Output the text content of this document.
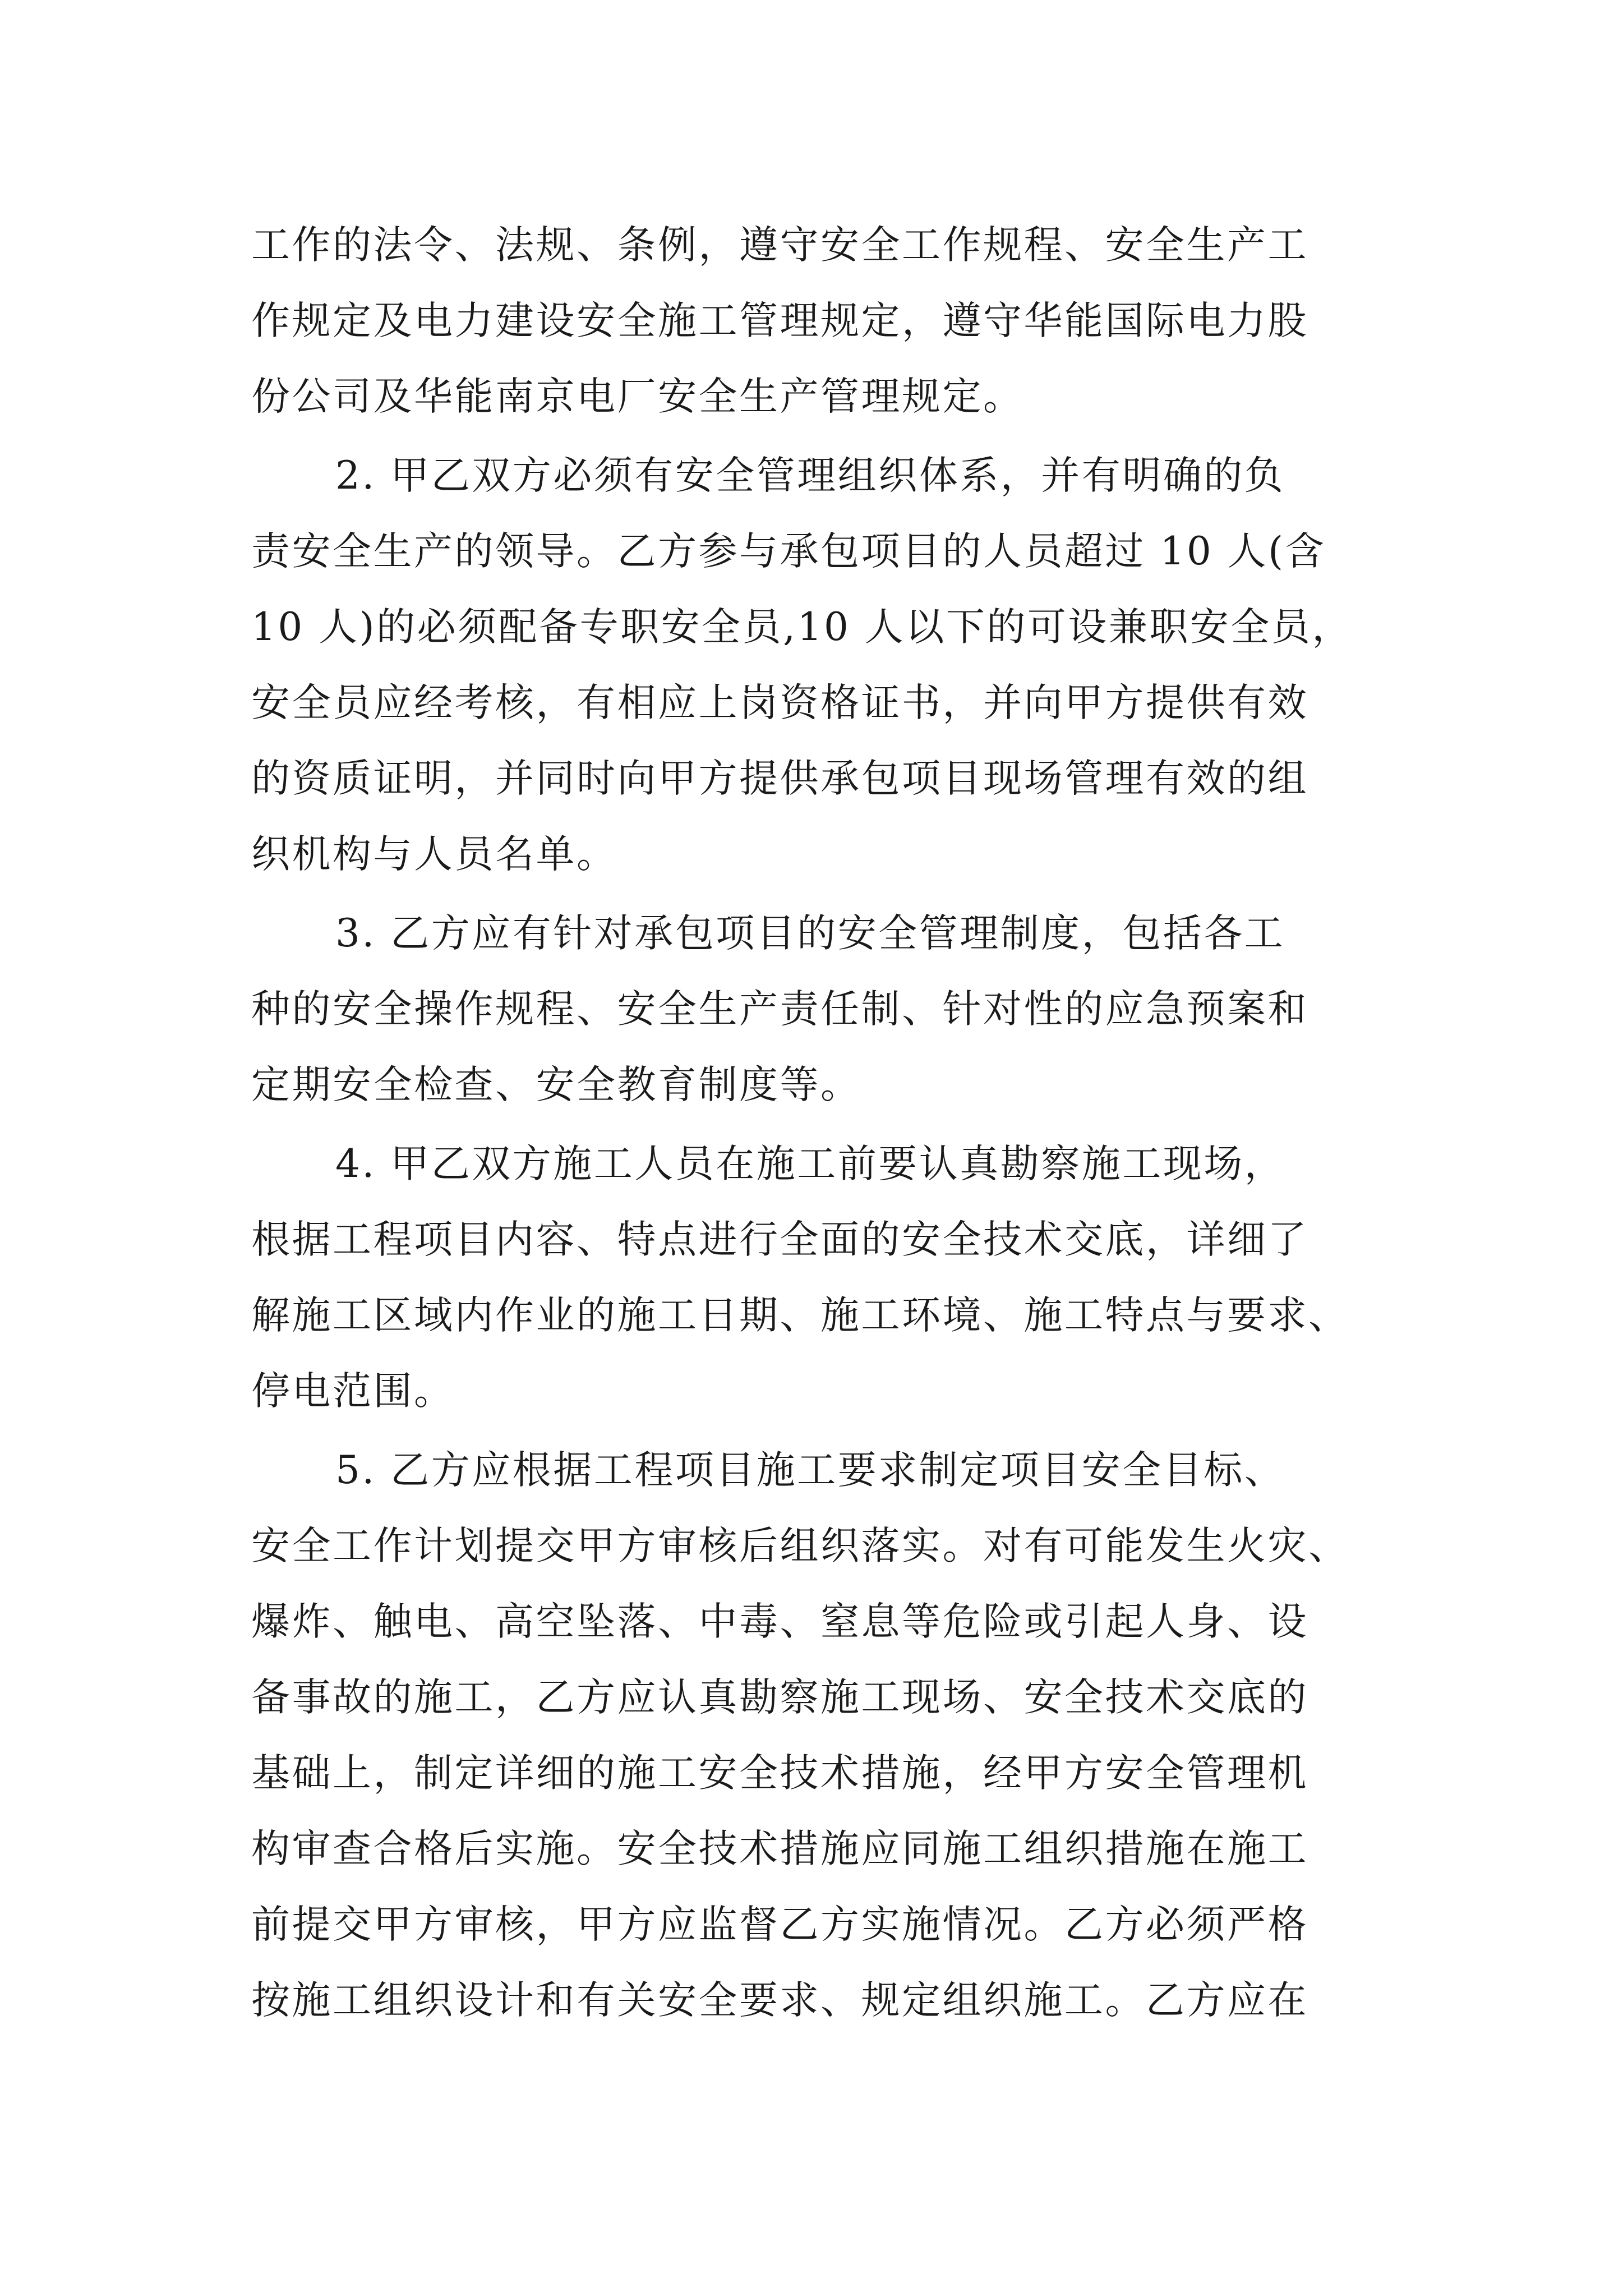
工作的法令、法规、条例，遵守安全工作规程、安全生产工
作规定及电力建设安全施工管理规定，遵守华能国际电力股
份公司及华能南京电厂安全生产管理规定。
2. 甲乙双方必须有安全管理组织体系，并有明确的负
责安全生产的领导。乙方参与承包项目的人员超过 10 人(含
10 人)的必须配备专职安全员,10 人以下的可设兼职安全员，
安全员应经考核，有相应上岗资格证书，并向甲方提供有效
的资质证明，并同时向甲方提供承包项目现场管理有效的组
织机构与人员名单。
3. 乙方应有针对承包项目的安全管理制度，包括各工
种的安全操作规程、安全生产责任制、针对性的应急预案和
定期安全检查、安全教育制度等。
4. 甲乙双方施工人员在施工前要认真勘察施工现场，
根据工程项目内容、特点进行全面的安全技术交底，详细了
解施工区域内作业的施工日期、施工环境、施工特点与要求、
停电范围。
5. 乙方应根据工程项目施工要求制定项目安全目标、
安全工作计划提交甲方审核后组织落实。对有可能发生火灾、
爆炸、触电、高空坠落、中毒、窒息等危险或引起人身、设
备事故的施工，乙方应认真勘察施工现场、安全技术交底的
基础上，制定详细的施工安全技术措施，经甲方安全管理机
构审查合格后实施。安全技术措施应同施工组织措施在施工
前提交甲方审核，甲方应监督乙方实施情况。乙方必须严格
按施工组织设计和有关安全要求、规定组织施工。乙方应在
